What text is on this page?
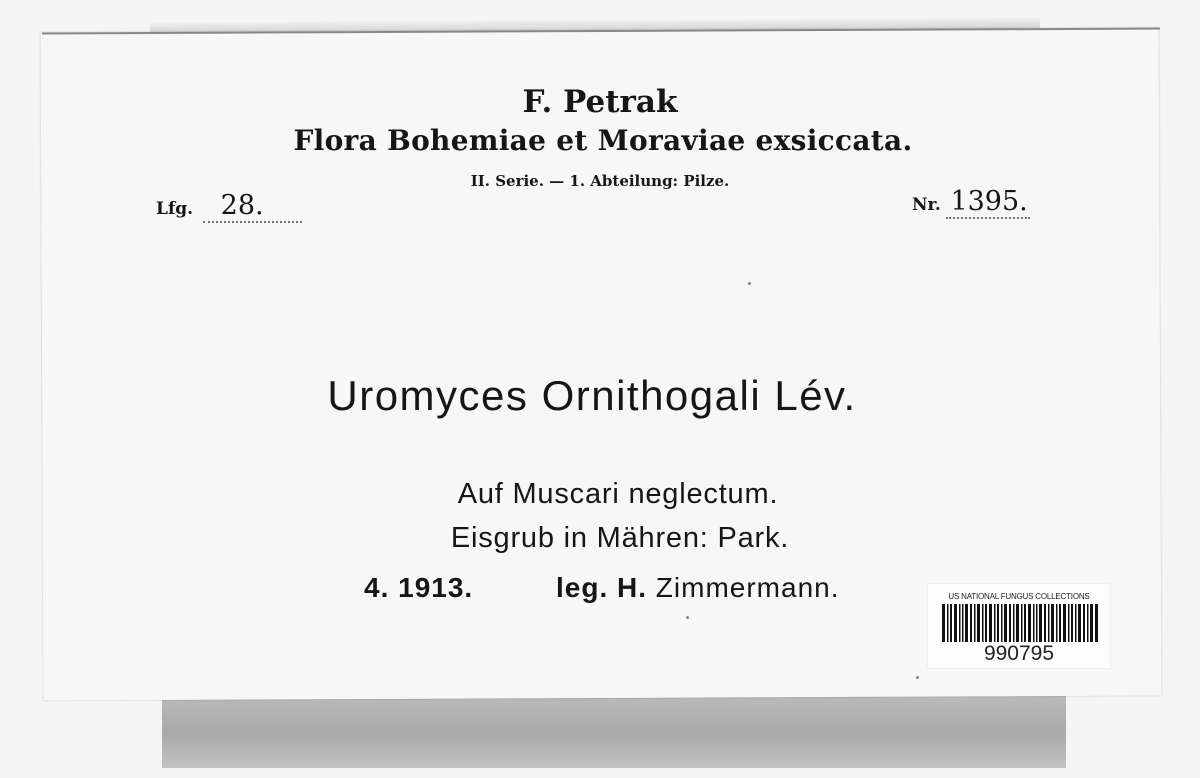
F. Petrak
Flora Bohemiae et Moraviae exsiccata.
II. Serie. — 1. Abteilung: Pilze.
Lfg. 28.	Nr. 1395.
Uromyces Ornithogali Lév.
Auf Muscari neglectum.
Eisgrub in Mähren: Park.
4. 1913.	leg. H. Zimmermann.	US NATIONAL FUNGUS COLLECTIONS
990795
